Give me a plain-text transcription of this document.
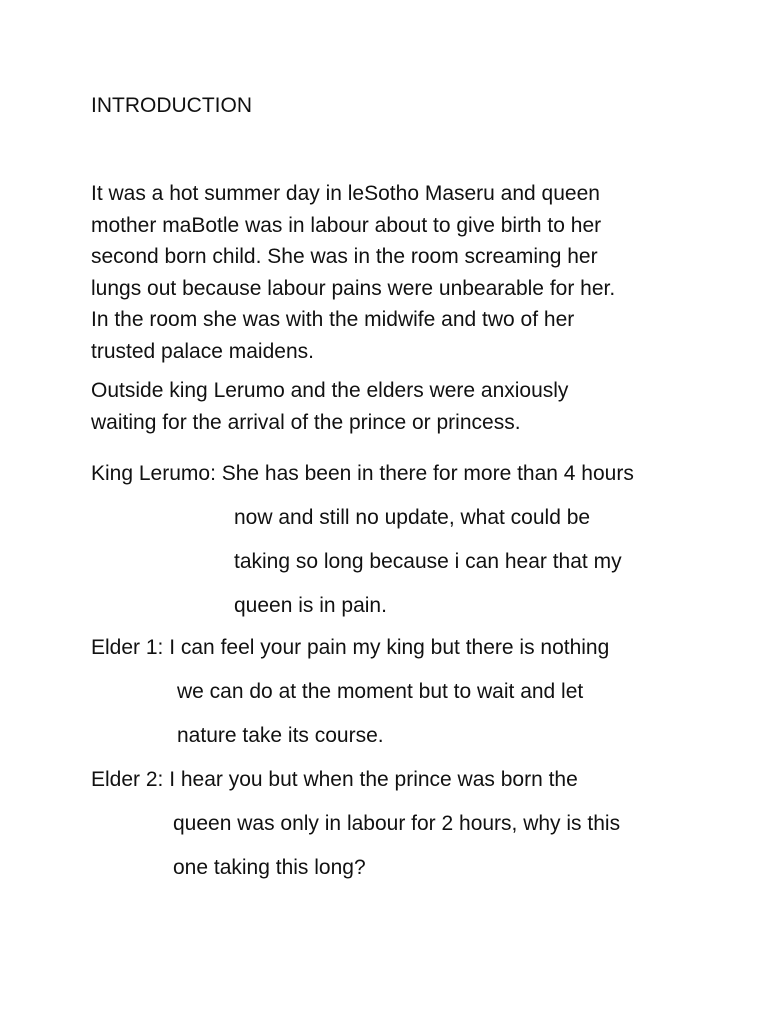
INTRODUCTION
It was a hot summer day in leSotho Maseru and queen
mother maBotle was in labour about to give birth to her
second born child. She was in the room screaming her
lungs out because labour pains were unbearable for her.
In the room she was with the midwife and two of her
trusted palace maidens.
Outside king Lerumo and the elders were anxiously
waiting for the arrival of the prince or princess.
King Lerumo: She has been in there for more than 4 hours
now and still no update, what could be
taking so long because i can hear that my
queen is in pain.
Elder 1: I can feel your pain my king but there is nothing
we can do at the moment but to wait and let
nature take its course.
Elder 2: I hear you but when the prince was born the
queen was only in labour for 2 hours, why is this
one taking this long?
